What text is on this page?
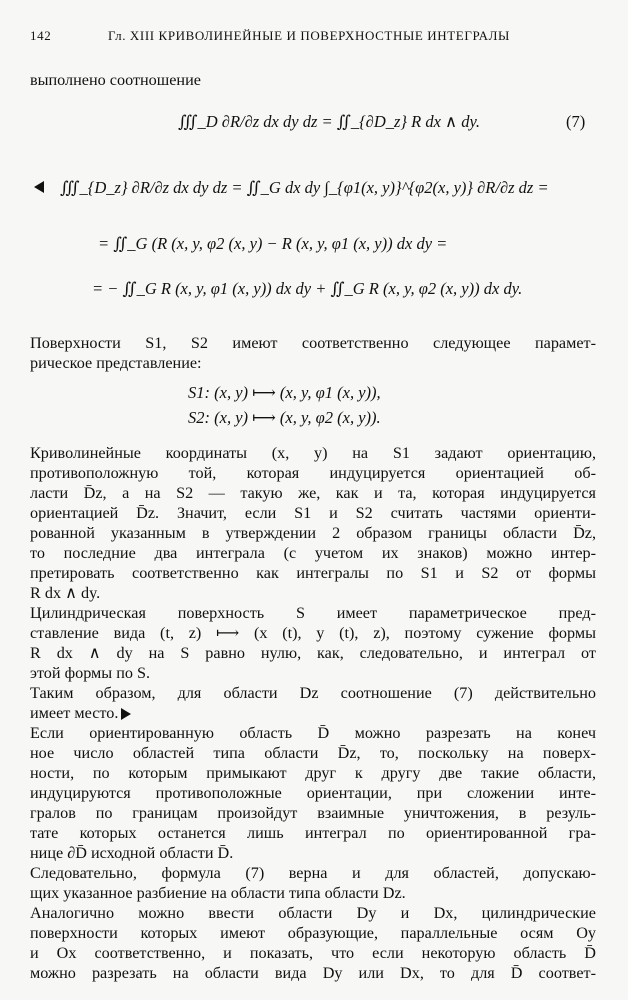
142	Гл. XIII КРИВОЛИНЕЙНЫЕ И ПОВЕРХНОСТНЫЕ ИНТЕГРАЛЫ
выполнено соотношение
∭_D ∂R/∂z dx dy dz = ∬_{∂D_z} R dx ∧ dy.	(7)
∭_{D_z} ∂R/∂z dx dy dz = ∬_G dx dy ∫_{φ1(x, y)}^{φ2(x, y)} ∂R/∂z dz =
= ∬_G (R (x, y, φ2 (x, y) − R (x, y, φ1 (x, y)) dx dy =
= − ∬_G R (x, y, φ1 (x, y)) dx dy + ∬_G R (x, y, φ2 (x, y)) dx dy.
Поверхности S1, S2 имеют соответственно следующее парамет-
рическое представление:
S1: (x, y) ⟼ (x, y, φ1 (x, y)),
S2: (x, y) ⟼ (x, y, φ2 (x, y)).
Криволинейные координаты (x, y) на S1 задают ориентацию,
противоположную той, которая индуцируется ориентацией об-
ласти D̄z, а на S2 — такую же, как и та, которая индуцируется
ориентацией D̄z. Значит, если S1 и S2 считать частями ориенти-
рованной указанным в утверждении 2 образом границы области D̄z,
то последние два интеграла (с учетом их знаков) можно интер-
претировать соответственно как интегралы по S1 и S2 от формы
R dx ∧ dy.
Цилиндрическая поверхность S имеет параметрическое пред-
ставление вида (t, z) ⟼ (x (t), y (t), z), поэтому сужение формы
R dx ∧ dy на S равно нулю, как, следовательно, и интеграл от
этой формы по S.
Таким образом, для области Dz соотношение (7) действительно
имеет место.
Если ориентированную область D̄ можно разрезать на конеч
ное число областей типа области D̄z, то, поскольку на поверх-
ности, по которым примыкают друг к другу две такие области,
индуцируются противоположные ориентации, при сложении инте-
гралов по границам произойдут взаимные уничтожения, в резуль-
тате которых останется лишь интеграл по ориентированной гра-
нице ∂D̄ исходной области D̄.
Следовательно, формула (7) верна и для областей, допускаю-
щих указанное разбиение на области типа области Dz.
Аналогично можно ввести области Dy и Dx, цилиндрические
поверхности которых имеют образующие, параллельные осям Oy
и Ox соответственно, и показать, что если некоторую область D̄
можно разрезать на области вида Dy или Dx, то для D̄ соответ-
